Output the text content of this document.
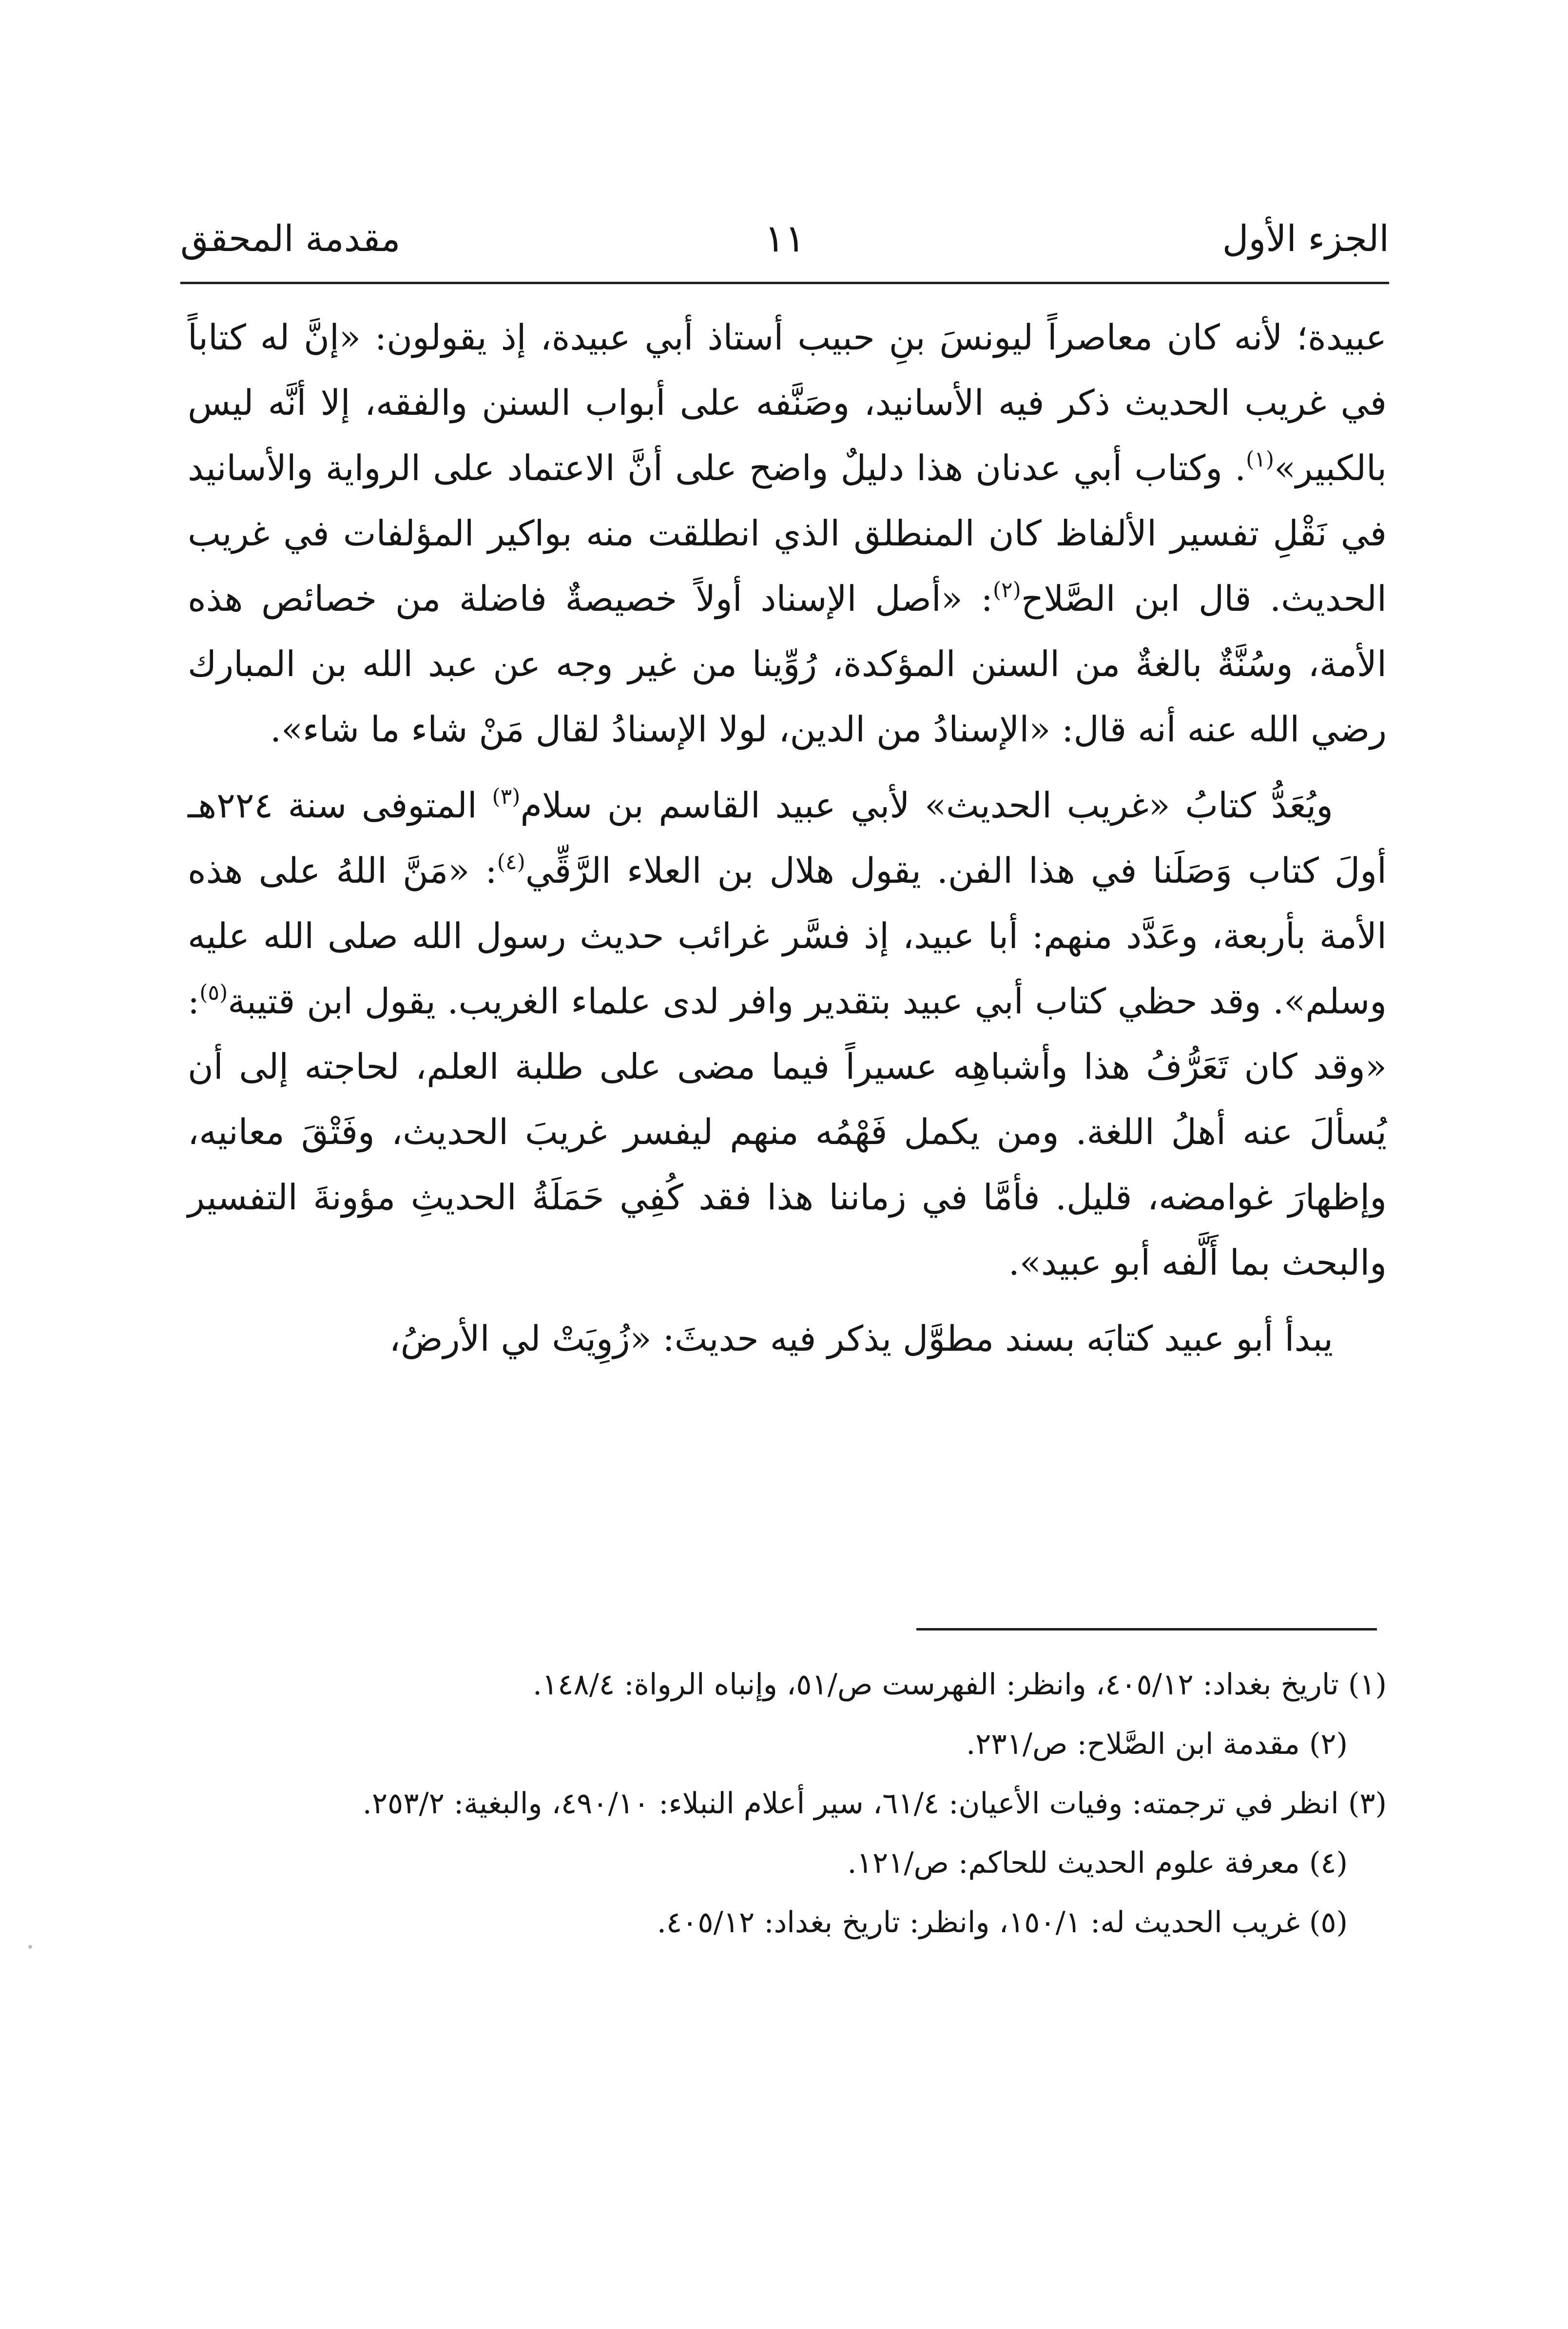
الجزء الأول
١١
مقدمة المحقق

عبيدة؛ لأنه كان معاصراً ليونسَ بنِ حبيب أستاذ أبي عبيدة، إذ يقولون: «إنَّ له كتاباً في غريب الحديث ذكر فيه الأسانيد، وصَنَّفه على أبواب السنن والفقه، إلا أنَّه ليس بالكبير»$^{(١)}$. وكتاب أبي عدنان هذا دليلٌ واضح على أنَّ الاعتماد على الرواية والأسانيد في نَقْلِ تفسير الألفاظ كان المنطلق الذي انطلقت منه بواكير المؤلفات في غريب الحديث. قال ابن الصَّلاح$^{(٢)}$: «أصل الإسناد أولاً خصيصةٌ فاضلة من خصائص هذه الأمة، وسُنَّةٌ بالغةٌ من السنن المؤكدة، رُوِّينا من غير وجه عن عبد الله بن المبارك رضي الله عنه أنه قال: «الإسنادُ من الدين، لولا الإسنادُ لقال مَنْ شاء ما شاء».

ويُعَدُّ كتابُ «غريب الحديث» لأبي عبيد القاسم بن سلام$^{(٣)}$ المتوفى سنة ٢٢٤هـ أولَ كتاب وَصَلَنا في هذا الفن. يقول هلال بن العلاء الرَّقِّي$^{(٤)}$: «مَنَّ اللهُ على هذه الأمة بأربعة، وعَدَّد منهم: أبا عبيد، إذ فسَّر غرائب حديث رسول الله صلى الله عليه وسلم». وقد حظي كتاب أبي عبيد بتقدير وافر لدى علماء الغريب. يقول ابن قتيبة$^{(٥)}$: «وقد كان تَعَرُّفُ هذا وأشباهِه عسيراً فيما مضى على طلبة العلم، لحاجته إلى أن يُسألَ عنه أهلُ اللغة. ومن يكمل فَهْمُه منهم ليفسر غريبَ الحديث، وفَتْقَ معانيه، وإظهارَ غوامضه، قليل. فأمَّا في زماننا هذا فقد كُفِي حَمَلَةُ الحديثِ مؤونةَ التفسير والبحث بما أَلَّفه أبو عبيد».

يبدأ أبو عبيد كتابَه بسند مطوَّل يذكر فيه حديثَ: «زُوِيَتْ لي الأرضُ،

(١) تاريخ بغداد: ٤٠٥/١٢، وانظر: الفهرست ص/٥١، وإنباه الرواة: ١٤٨/٤.

(٢) مقدمة ابن الصَّلاح: ص/٢٣١.

(٣) انظر في ترجمته: وفيات الأعيان: ٦١/٤، سير أعلام النبلاء: ٤٩٠/١٠، والبغية: ٢٥٣/٢.

(٤) معرفة علوم الحديث للحاكم: ص/١٢١.

(٥) غريب الحديث له: ١٥٠/١، وانظر: تاريخ بغداد: ٤٠٥/١٢.
